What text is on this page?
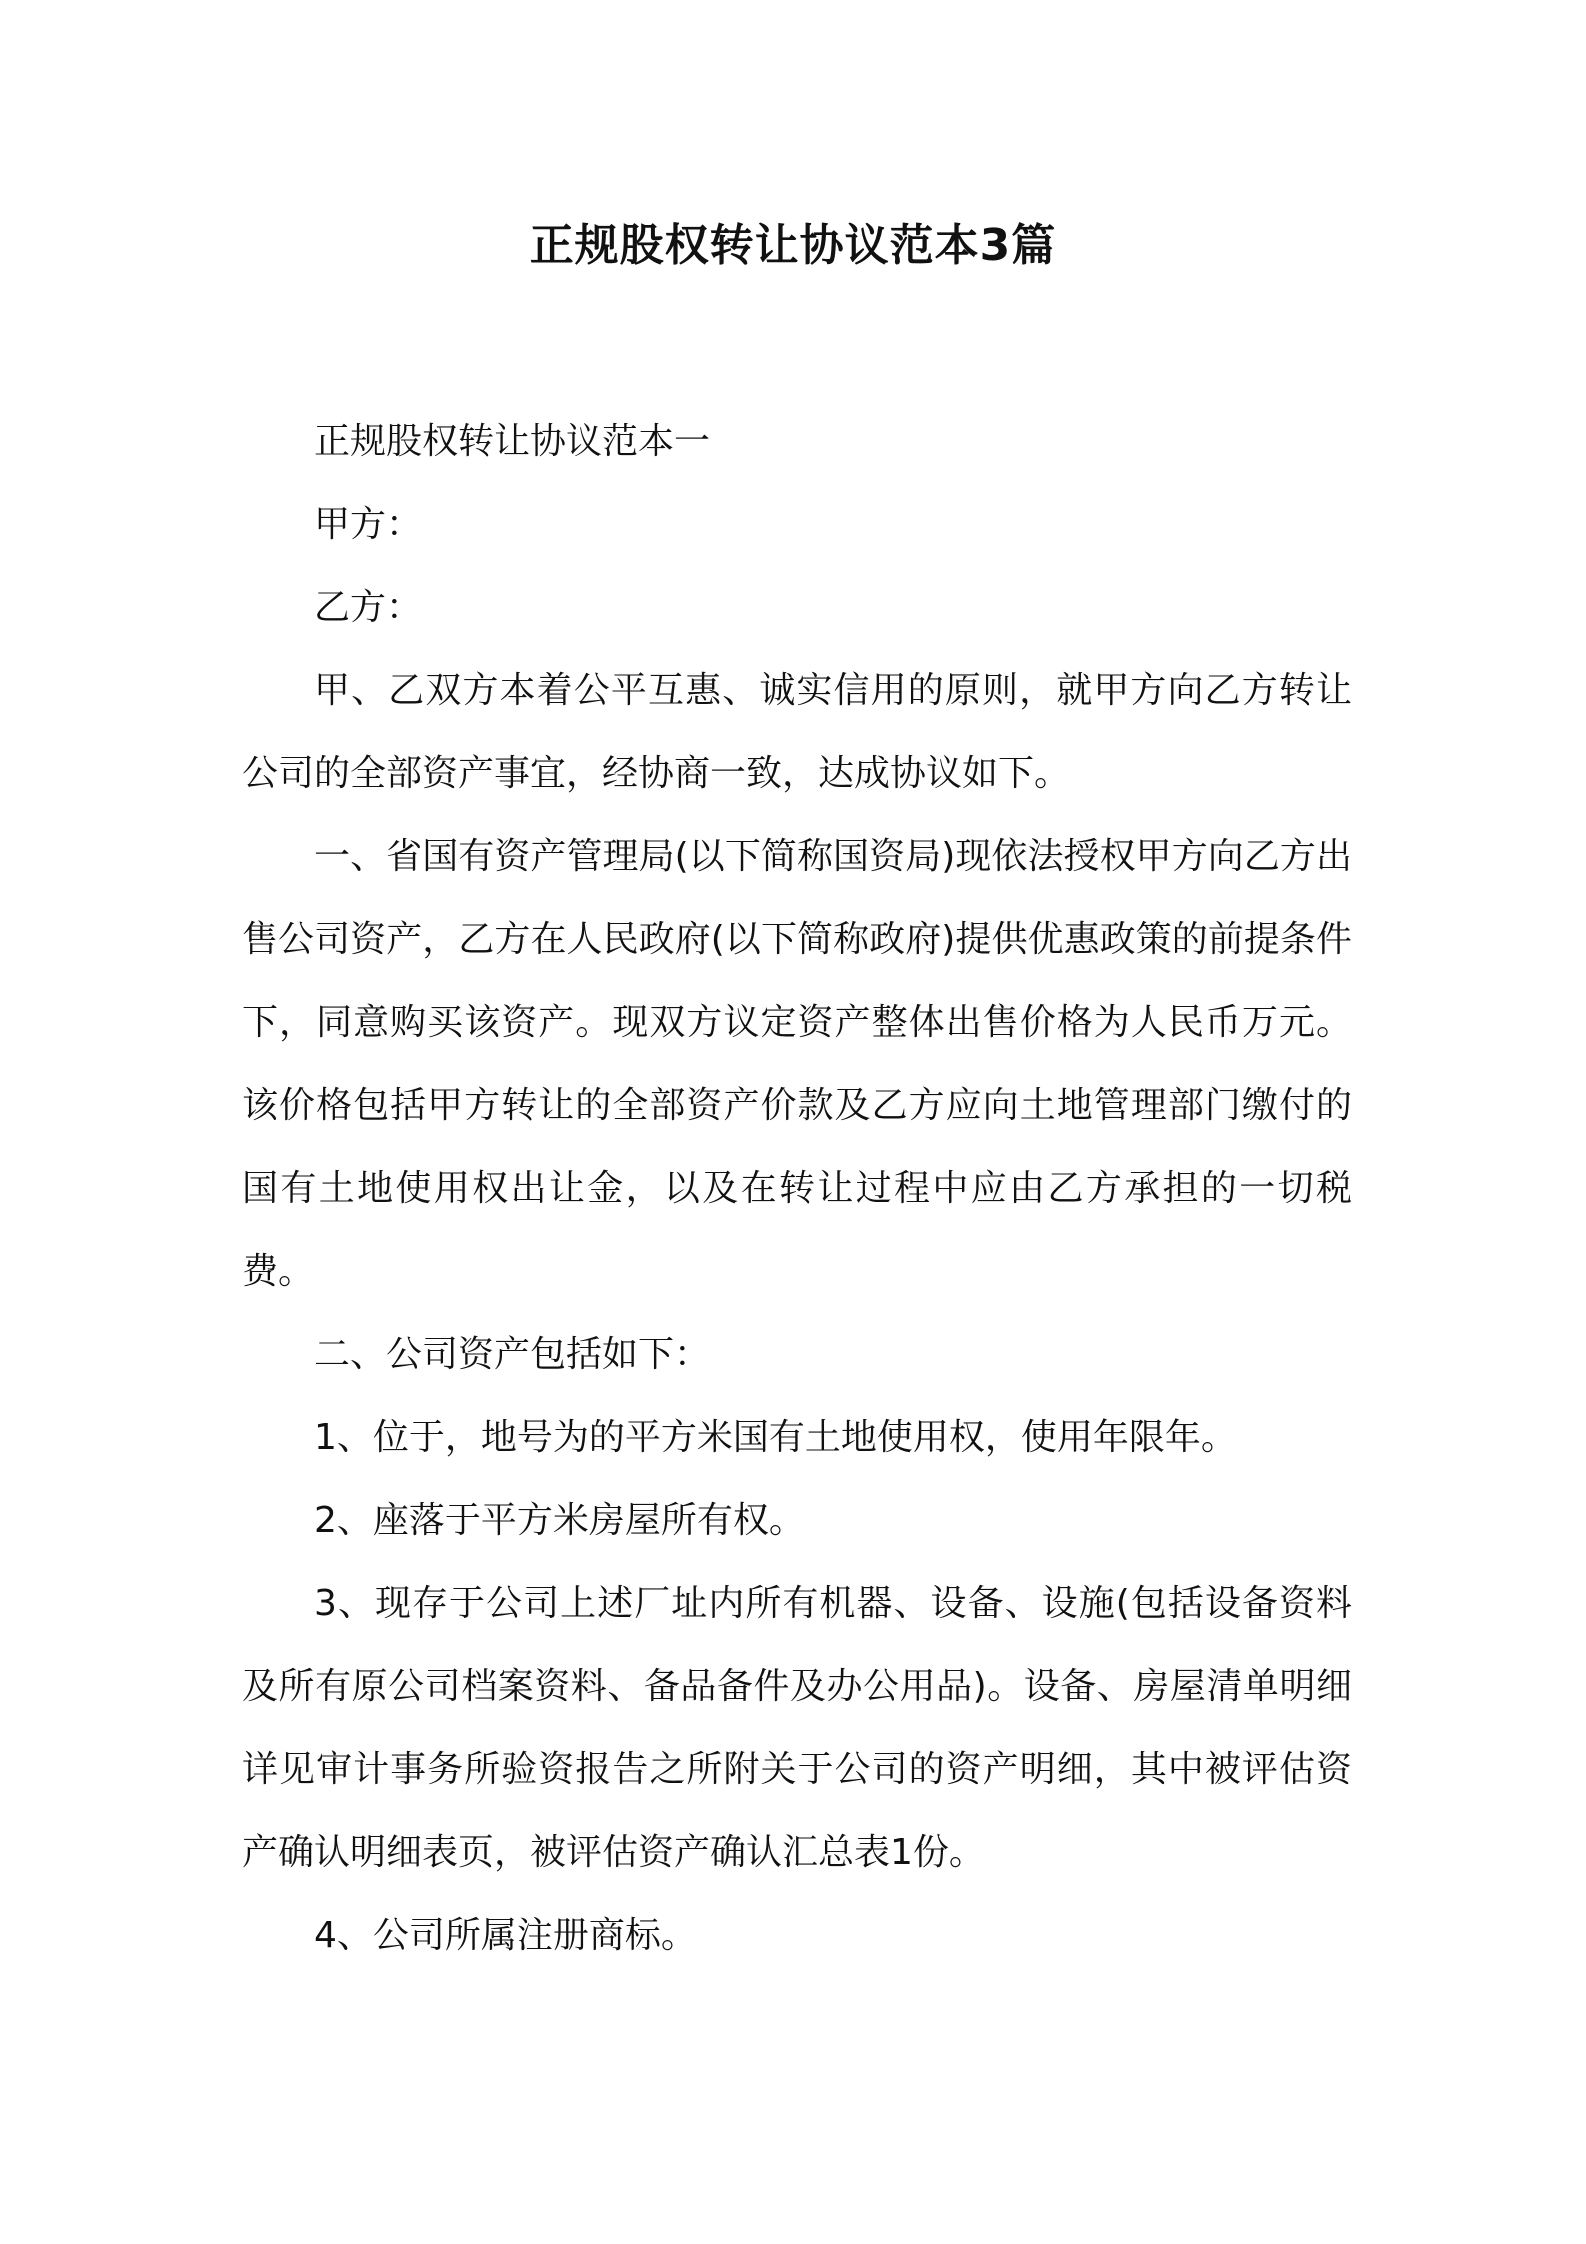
正规股权转让协议范本3篇

正规股权转让协议范本一

甲方：

乙方：

甲、乙双方本着公平互惠、诚实信用的原则，就甲方向乙方转让公司的全部资产事宜，经协商一致，达成协议如下。

一、省国有资产管理局(以下简称国资局)现依法授权甲方向乙方出售公司资产，乙方在人民政府(以下简称政府)提供优惠政策的前提条件下，同意购买该资产。现双方议定资产整体出售价格为人民币万元。该价格包括甲方转让的全部资产价款及乙方应向土地管理部门缴付的国有土地使用权出让金，以及在转让过程中应由乙方承担的一切税费。

二、公司资产包括如下：

1、位于，地号为的平方米国有土地使用权，使用年限年。

2、座落于平方米房屋所有权。

3、现存于公司上述厂址内所有机器、设备、设施(包括设备资料及所有原公司档案资料、备品备件及办公用品)。设备、房屋清单明细详见审计事务所验资报告之所附关于公司的资产明细，其中被评估资产确认明细表页，被评估资产确认汇总表1份。

4、公司所属注册商标。
